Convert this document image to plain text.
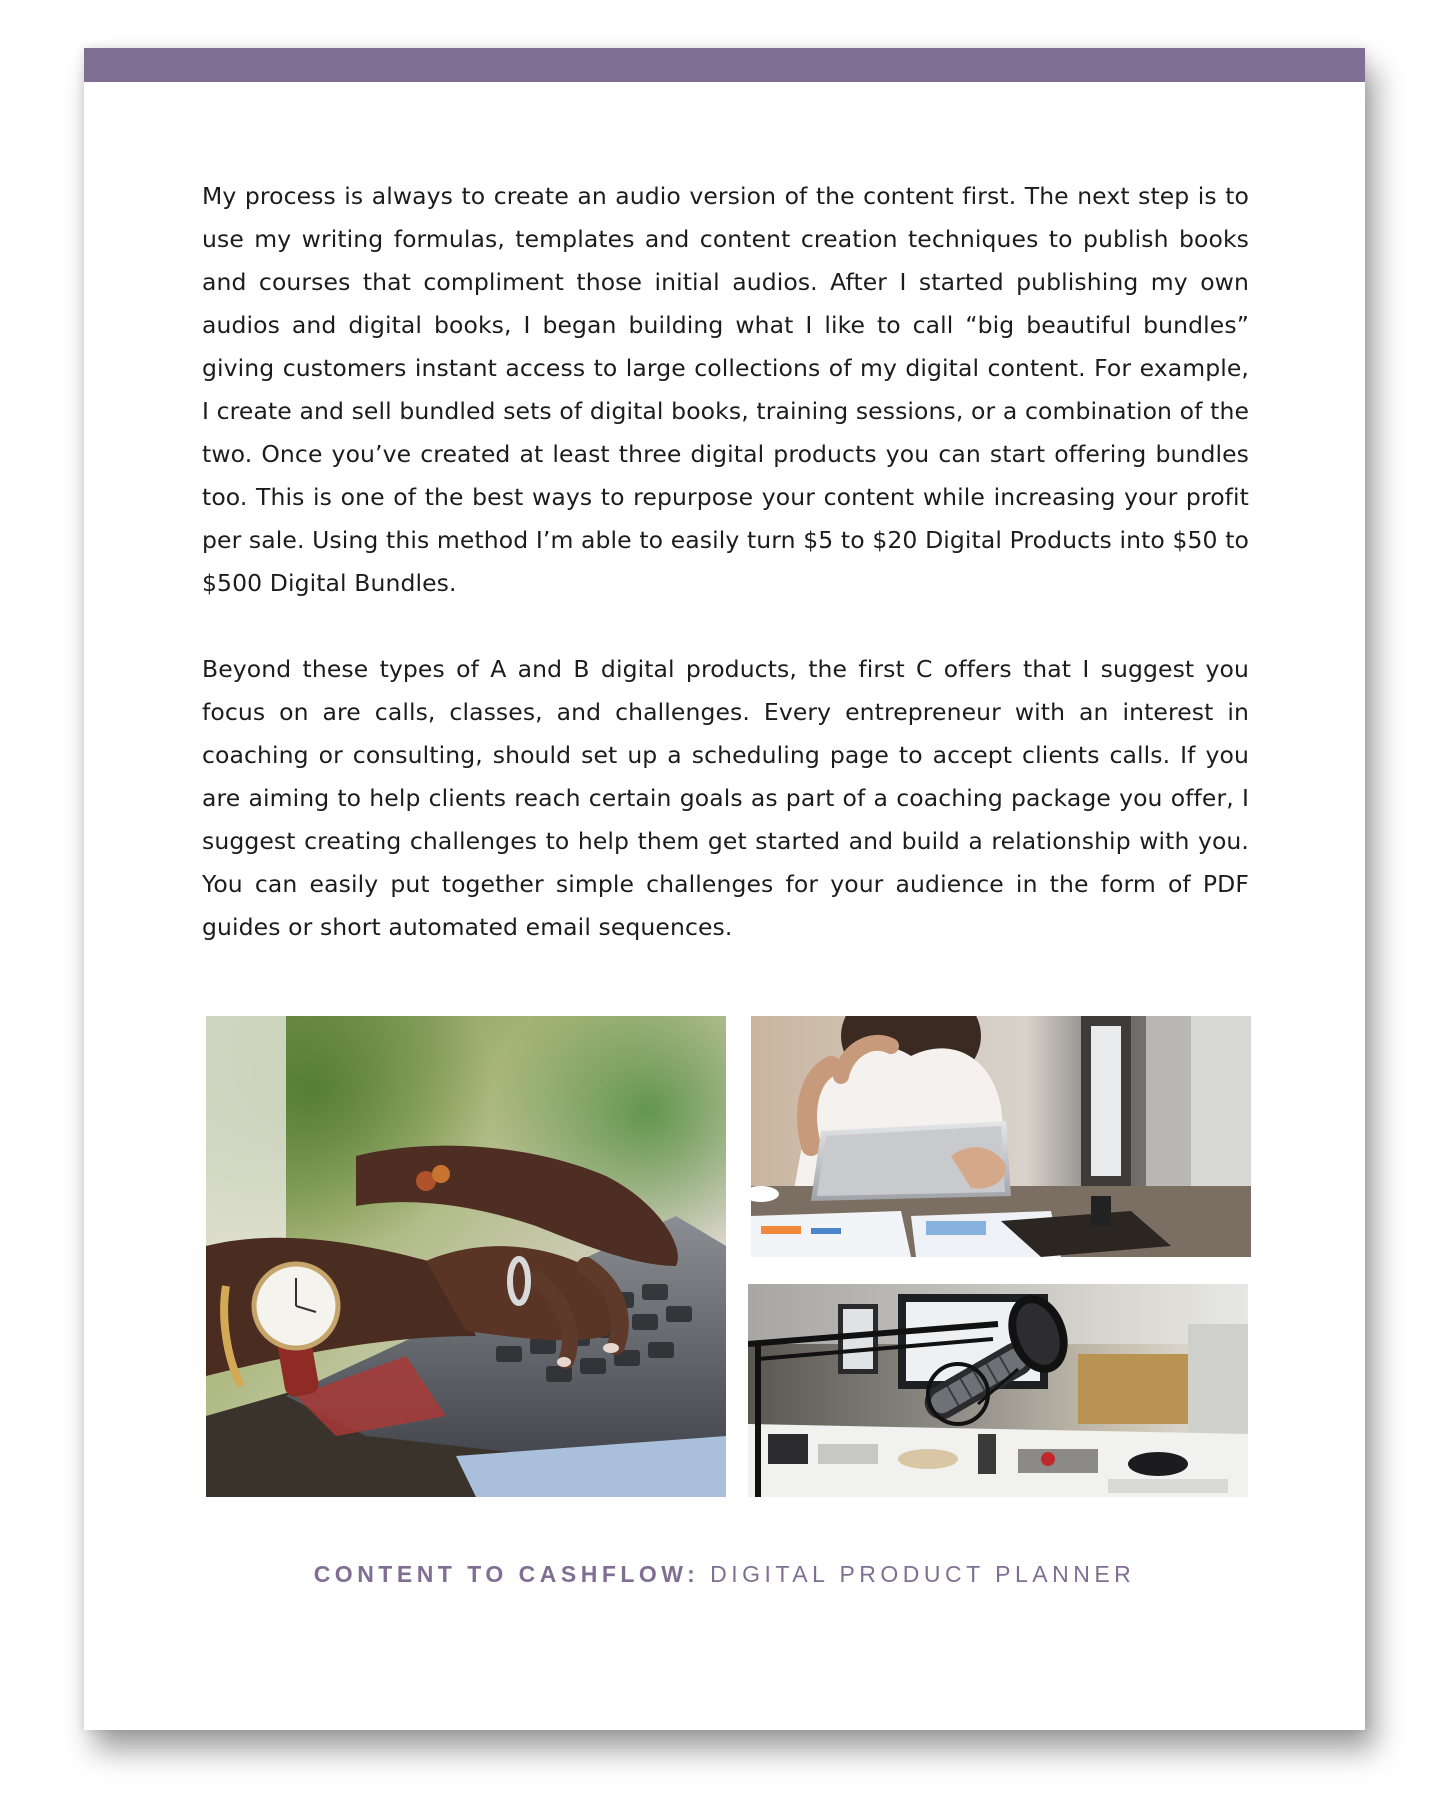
My process is always to create an audio version of the content first. The next step is to use my writing formulas, templates and content creation techniques to publish books and courses that compliment those initial audios. After I started publishing my own audios and digital books, I began building what I like to call “big beautiful bundles” giving customers instant access to large collections of my digital content. For example, I create and sell bundled sets of digital books, training sessions, or a combination of the two. Once you’ve created at least three digital products you can start offering bundles too. This is one of the best ways to repurpose your content while increasing your profit per sale. Using this method I’m able to easily turn $5 to $20 Digital Products into $50 to $500 Digital Bundles.

Beyond these types of A and B digital products, the first C offers that I suggest you focus on are calls, classes, and challenges. Every entrepreneur with an interest in coaching or consulting, should set up a scheduling page to accept clients calls. If you are aiming to help clients reach certain goals as part of a coaching package you offer, I suggest creating challenges to help them get started and build a relationship with you. You can easily put together simple challenges for your audience in the form of PDF guides or short automated email sequences.

CONTENT TO CASHFLOW: DIGITAL PRODUCT PLANNER
